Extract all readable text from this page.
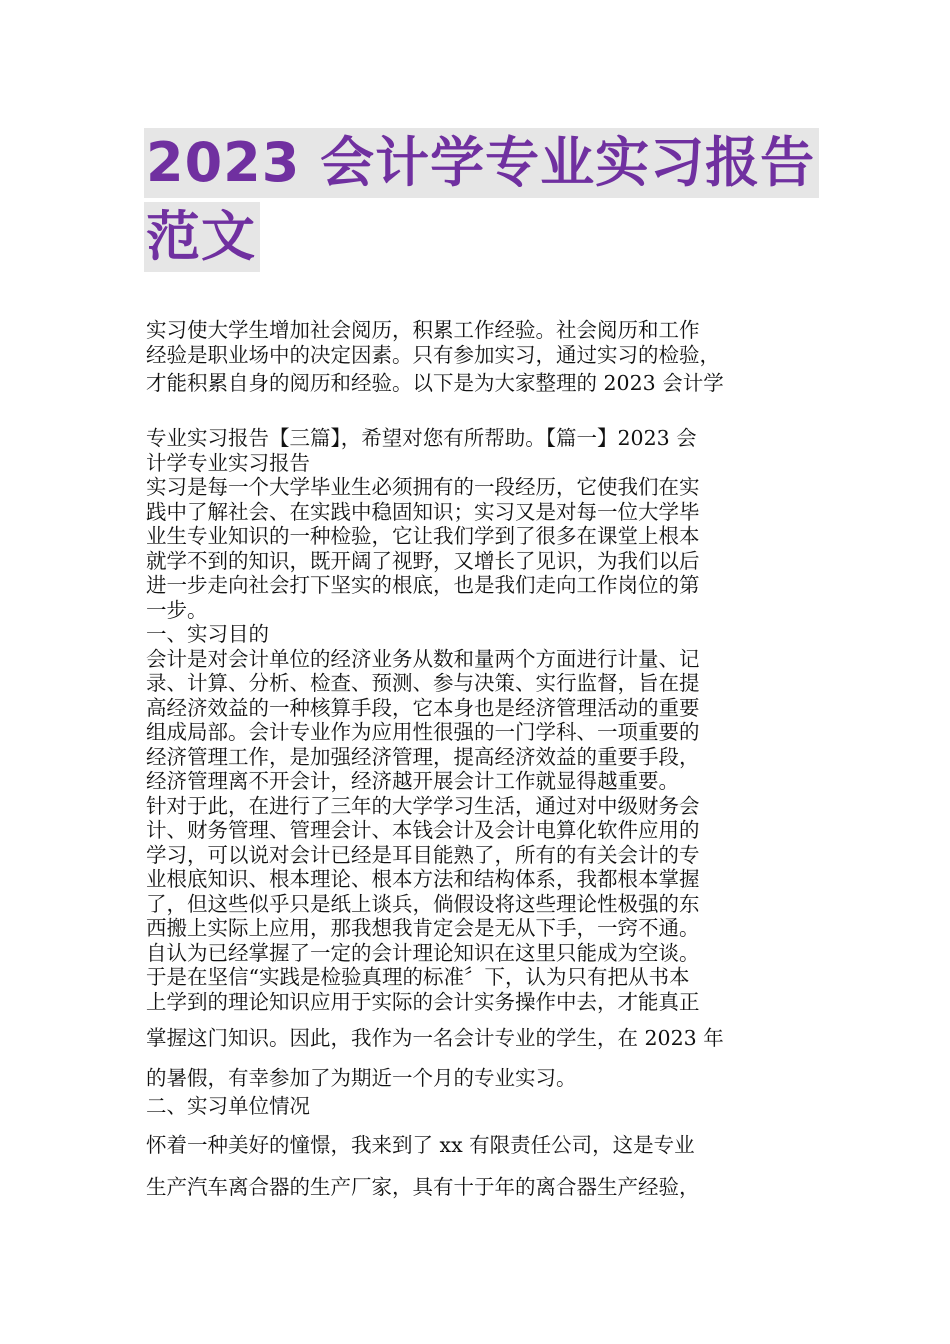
2023 会计学专业实习报告
范文
实习使大学生增加社会阅历，积累工作经验。社会阅历和工作
经验是职业场中的决定因素。只有参加实习，通过实习的检验，
才能积累自身的阅历和经验。以下是为大家整理的 2023 会计学
专业实习报告【三篇】，希望对您有所帮助。【篇一】2023 会
计学专业实习报告
实习是每一个大学毕业生必须拥有的一段经历，它使我们在实
践中了解社会、在实践中稳固知识；实习又是对每一位大学毕
业生专业知识的一种检验，它让我们学到了很多在课堂上根本
就学不到的知识，既开阔了视野，又增长了见识，为我们以后
进一步走向社会打下坚实的根底，也是我们走向工作岗位的第
一步。
一、实习目的
会计是对会计单位的经济业务从数和量两个方面进行计量、记
录、计算、分析、检查、预测、参与决策、实行监督，旨在提
高经济效益的一种核算手段，它本身也是经济管理活动的重要
组成局部。会计专业作为应用性很强的一门学科、一项重要的
经济管理工作，是加强经济管理，提高经济效益的重要手段，
经济管理离不开会计，经济越开展会计工作就显得越重要。
针对于此，在进行了三年的大学学习生活，通过对中级财务会
计、财务管理、管理会计、本钱会计及会计电算化软件应用的
学习，可以说对会计已经是耳目能熟了，所有的有关会计的专
业根底知识、根本理论、根本方法和结构体系，我都根本掌握
了，但这些似乎只是纸上谈兵，倘假设将这些理论性极强的东
西搬上实际上应用，那我想我肯定会是无从下手，一窍不通。
自认为已经掌握了一定的会计理论知识在这里只能成为空谈。
于是在坚信“实践是检验真理的标准〞下，认为只有把从书本
上学到的理论知识应用于实际的会计实务操作中去，才能真正
掌握这门知识。因此，我作为一名会计专业的学生，在 2023 年
的暑假，有幸参加了为期近一个月的专业实习。
二、实习单位情况
怀着一种美好的憧憬，我来到了 xx 有限责任公司，这是专业
生产汽车离合器的生产厂家，具有十于年的离合器生产经验，
